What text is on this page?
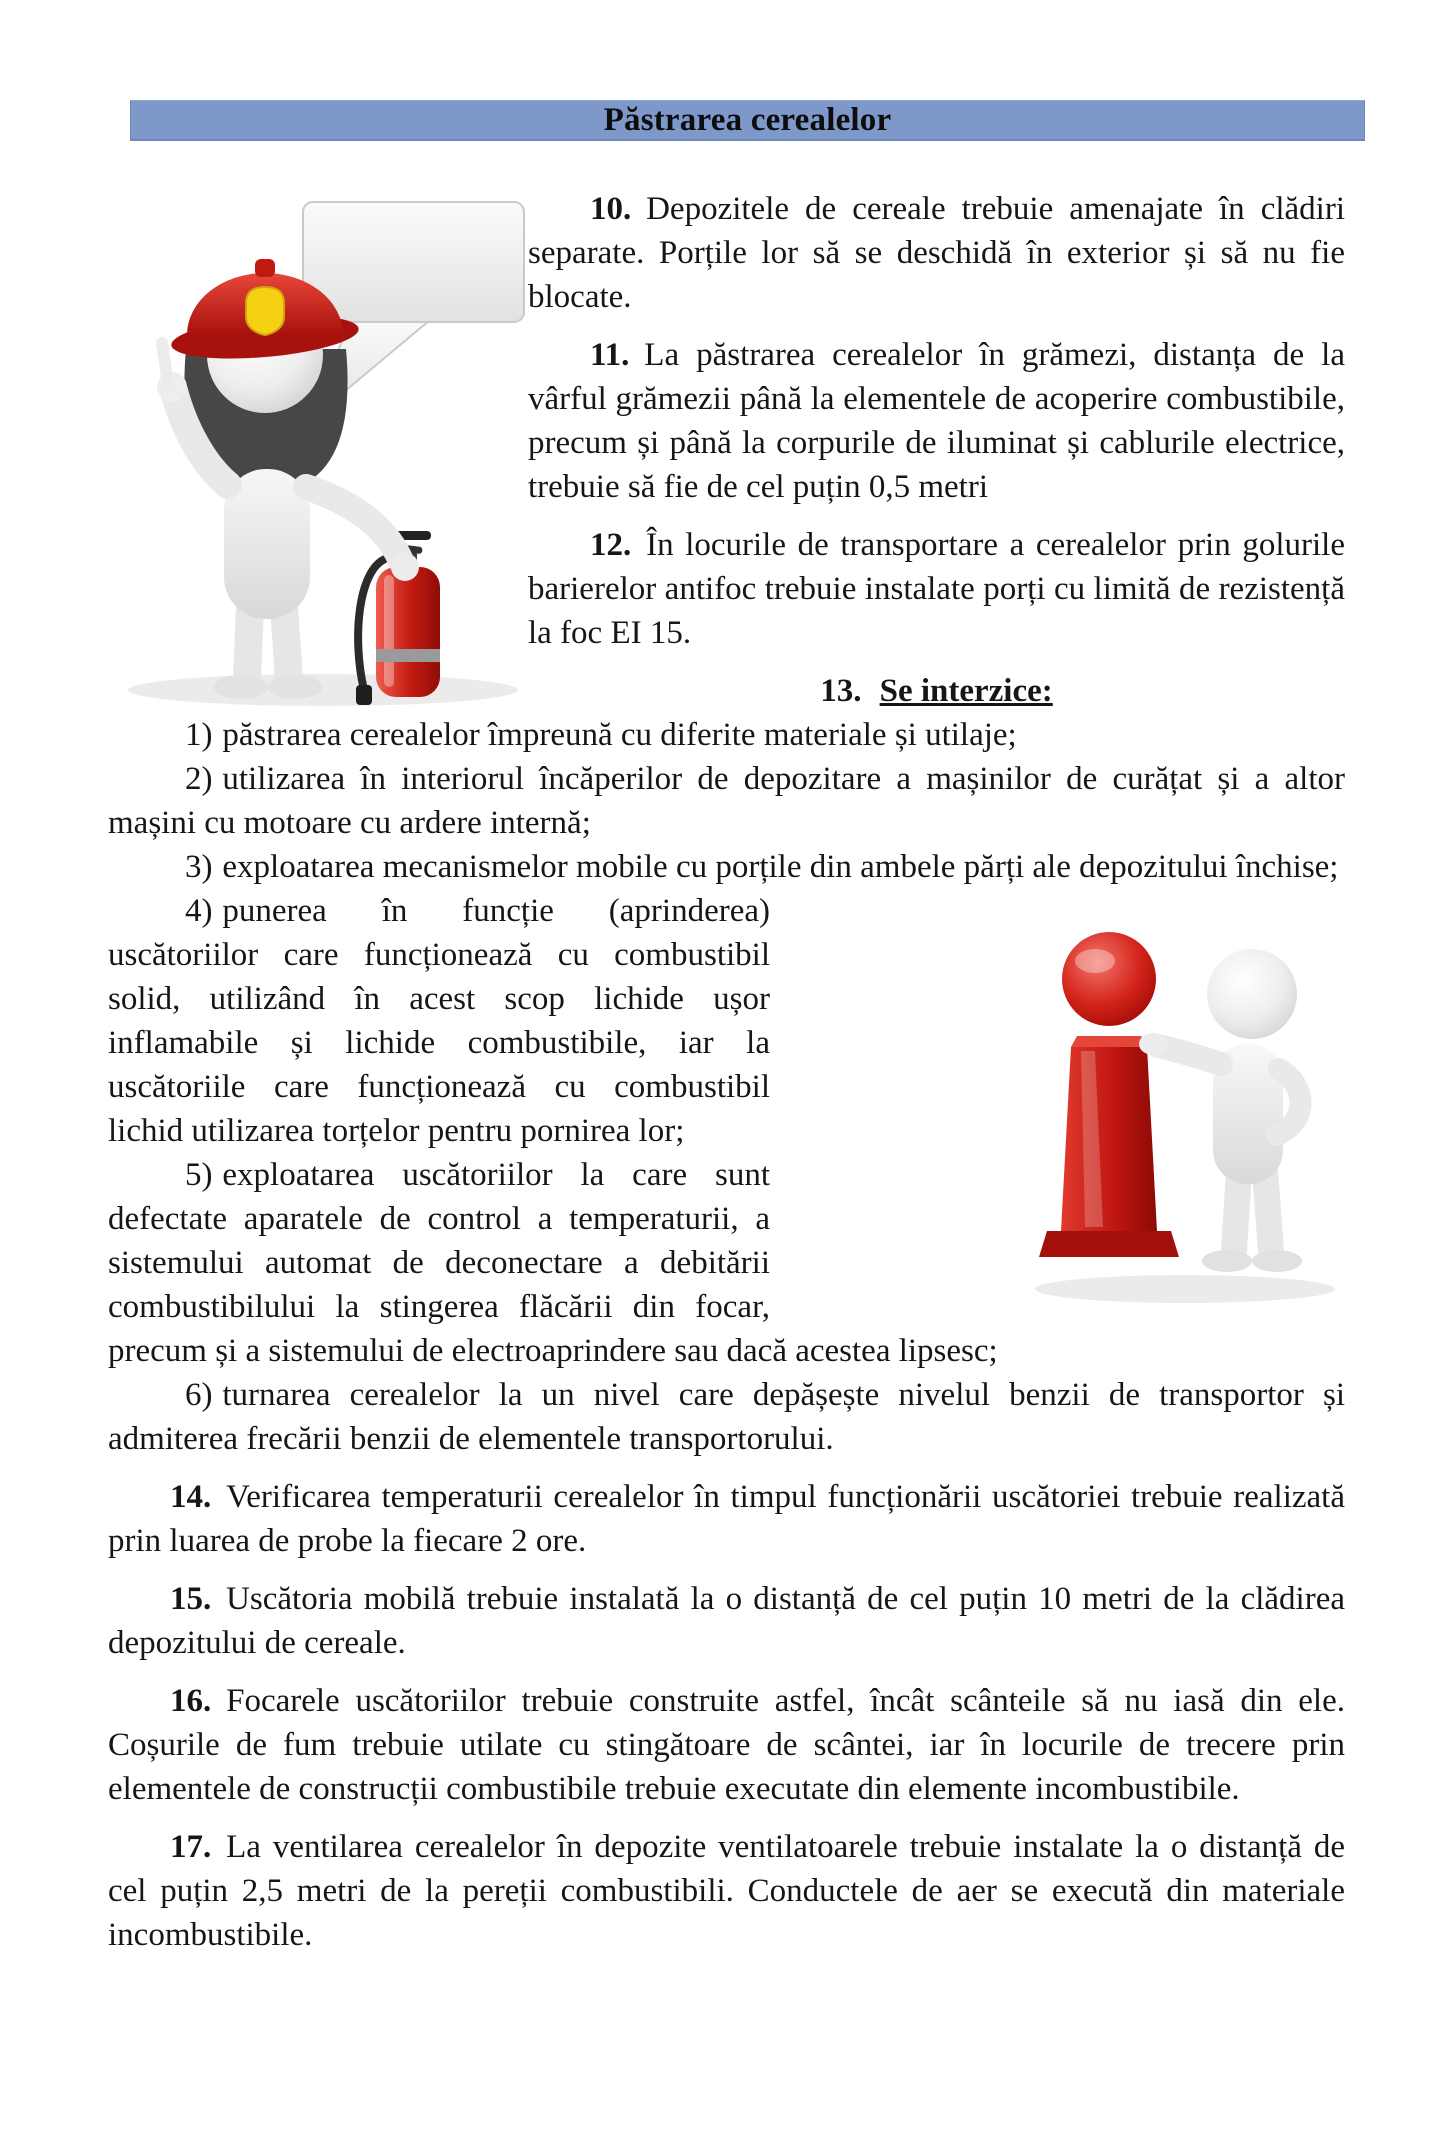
Păstrarea cerealelor

10. Depozitele de cereale trebuie amenajate în clădiri separate. Porțile lor să se deschidă în exterior și să nu fie blocate.

11. La păstrarea cerealelor în grămezi, distanța de la vârful grămezii până la elementele de acoperire combustibile, precum și până la corpurile de iluminat și cablurile electrice, trebuie să fie de cel puțin 0,5 metri

12. În locurile de transportare a cerealelor prin golurile barierelor antifoc trebuie instalate porți cu limită de rezistență la foc EI 15.

13. Se interzice:

1) păstrarea cerealelor împreună cu diferite materiale și utilaje;

2) utilizarea în interiorul încăperilor de depozitare a mașinilor de curățat și a altor mașini cu motoare cu ardere internă;

3) exploatarea mecanismelor mobile cu porțile din ambele părți ale depozitului închise;

4) punerea în funcție (aprinderea) uscătoriilor care funcționează cu combustibil solid, utilizând în acest scop lichide ușor inflamabile și lichide combustibile, iar la uscătoriile care funcționează cu combustibil lichid utilizarea torțelor pentru pornirea lor;

5) exploatarea uscătoriilor la care sunt defectate aparatele de control a temperaturii, a sistemului automat de deconectare a debitării combustibilului la stingerea flăcării din focar, precum și a sistemului de electroaprindere sau dacă acestea lipsesc;

6) turnarea cerealelor la un nivel care depășește nivelul benzii de transportor și admiterea frecării benzii de elementele transportorului.

14. Verificarea temperaturii cerealelor în timpul funcționării uscătoriei trebuie realizată prin luarea de probe la fiecare 2 ore.

15. Uscătoria mobilă trebuie instalată la o distanță de cel puțin 10 metri de la clădirea depozitului de cereale.

16. Focarele uscătoriilor trebuie construite astfel, încât scânteile să nu iasă din ele. Coșurile de fum trebuie utilate cu stingătoare de scântei, iar în locurile de trecere prin elementele de construcții combustibile trebuie executate din elemente incombustibile.

17. La ventilarea cerealelor în depozite ventilatoarele trebuie instalate la o distanță de cel puțin 2,5 metri de la pereții combustibili. Conductele de aer se execută din materiale incombustibile.
